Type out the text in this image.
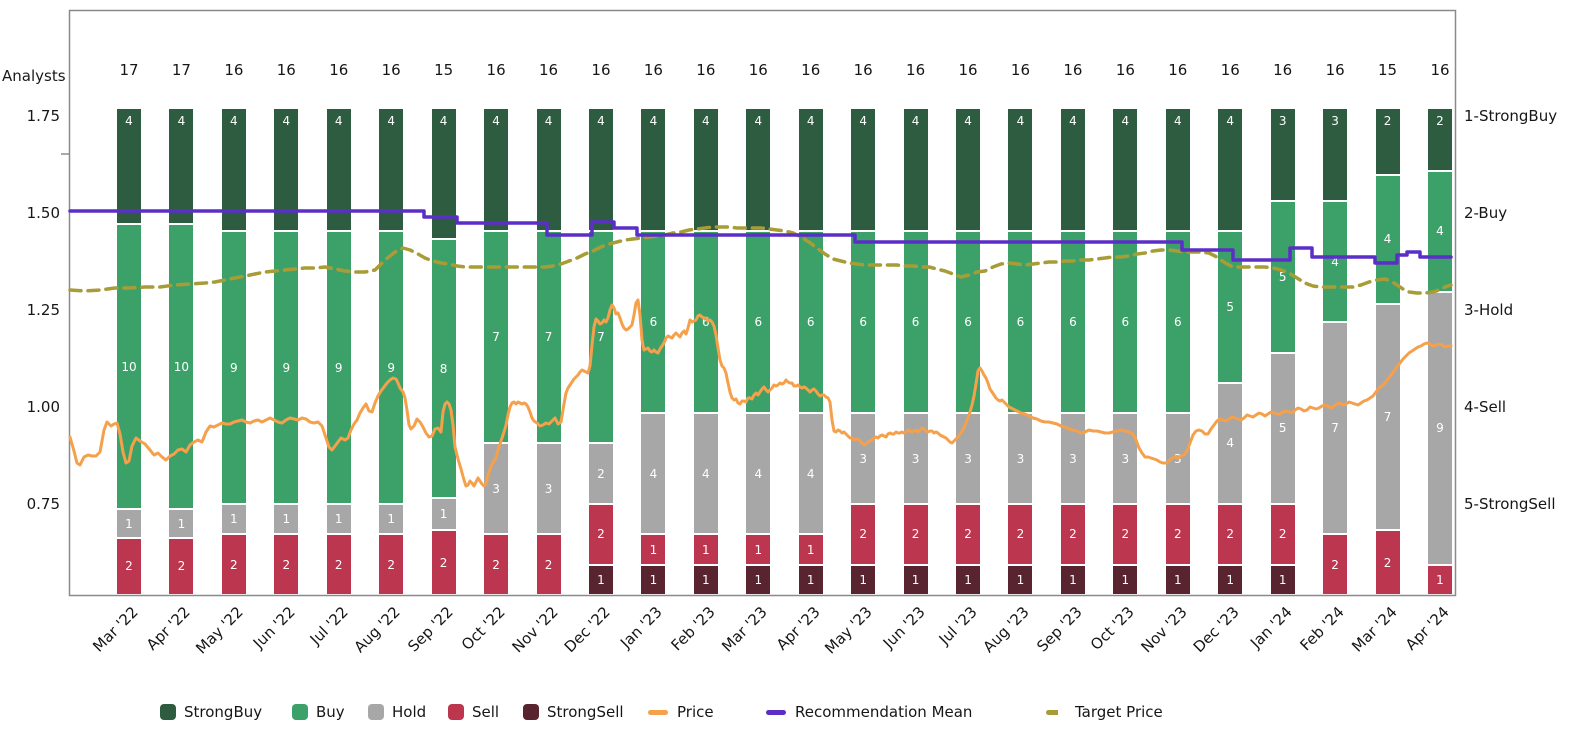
Analysts
1.75
1.50
1.25
1.00
0.75
1-StrongBuy
2-Buy
3-Hold
4-Sell
5-StrongSell
17 17 16 16 16 16 15 16 16 16 16 16 16 16 16 16 16 16 16 16 16 16 16 16 15 16
4
10
1
2
4
10
1
2
4
9
1
2
4
9
1
2
4
9
1
2
4
9
1
2
4
8
1
2
4
7
3
2
4
7
3
2
4
7
2
2
1
4
6
4
1
1
4
6
4
1
1
4
6
4
1
1
4
6
4
1
1
4
6
3
2
1
4
6
3
2
1
4
6
3
2
1
4
6
3
2
1
4
6
3
2
1
4
6
3
2
1
4
6
3
2
1
4
5
4
2
1
3
5
5
2
1
3
4
7
2
2
4
7
2
2
4
9
1
Mar '22 Apr '22
May '22 Jun '22 Jul '22 Aug '22 Sep '22 Oct '22 Nov '22 Dec '22 Jan '23 Feb '23 Mar '23 Apr '23
May '23 Jun '23 Jul '23 Aug '23 Sep '23 Oct '23 Nov '23 Dec '23 Jan '24 Feb '24 Mar '24 Apr '24
StrongBuy	Buy	Hold	Sell	StrongSell	Price	Recommendation Mean	Target Price
